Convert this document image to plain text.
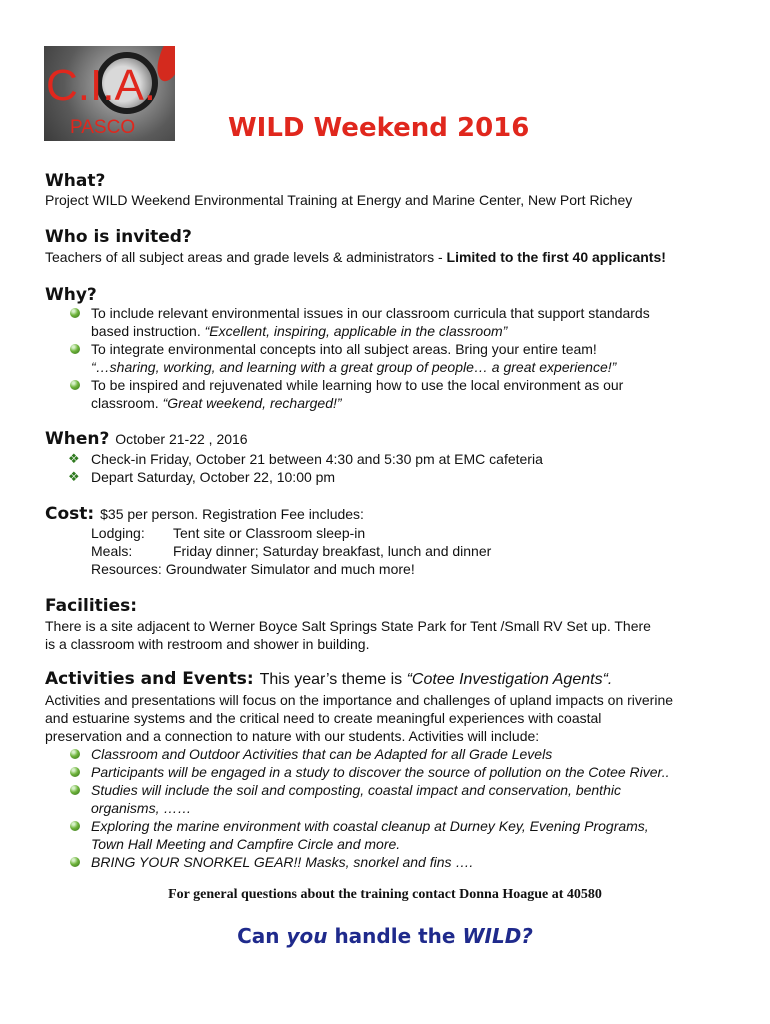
C.I.A.
PASCO	WILD Weekend 2016
What?
Project WILD Weekend Environmental Training at Energy and Marine Center, New Port Richey
Who is invited?
Teachers of all subject areas and grade levels & administrators - Limited to the first 40 applicants!
Why?
To include relevant environmental issues in our classroom curricula that support standards
based instruction. “Excellent, inspiring, applicable in the classroom”
To integrate environmental concepts into all subject areas. Bring your entire team!
“…sharing, working, and learning with a great group of people… a great experience!”
To be inspired and rejuvenated while learning how to use the local environment as our
classroom. “Great weekend, recharged!”
When? October 21-22 , 2016
❖ Check-in Friday, October 21 between 4:30 and 5:30 pm at EMC cafeteria
❖ Depart Saturday, October 22, 10:00 pm
Cost: $35 per person. Registration Fee includes:
Lodging: Tent site or Classroom sleep-in
Meals:	Friday dinner; Saturday breakfast, lunch and dinner
Resources: Groundwater Simulator and much more!
Facilities:
There is a site adjacent to Werner Boyce Salt Springs State Park for Tent /Small RV Set up. There
is a classroom with restroom and shower in building.
Activities and Events: This year’s theme is “Cotee Investigation Agents“.
Activities and presentations will focus on the importance and challenges of upland impacts on riverine
and estuarine systems and the critical need to create meaningful experiences with coastal
preservation and a connection to nature with our students. Activities will include:
Classroom and Outdoor Activities that can be Adapted for all Grade Levels
Participants will be engaged in a study to discover the source of pollution on the Cotee River..
Studies will include the soil and composting, coastal impact and conservation, benthic
organisms, ……
Exploring the marine environment with coastal cleanup at Durney Key, Evening Programs,
Town Hall Meeting and Campfire Circle and more.
BRING YOUR SNORKEL GEAR!! Masks, snorkel and fins ….
For general questions about the training contact Donna Hoague at 40580
Can you handle the WILD?
